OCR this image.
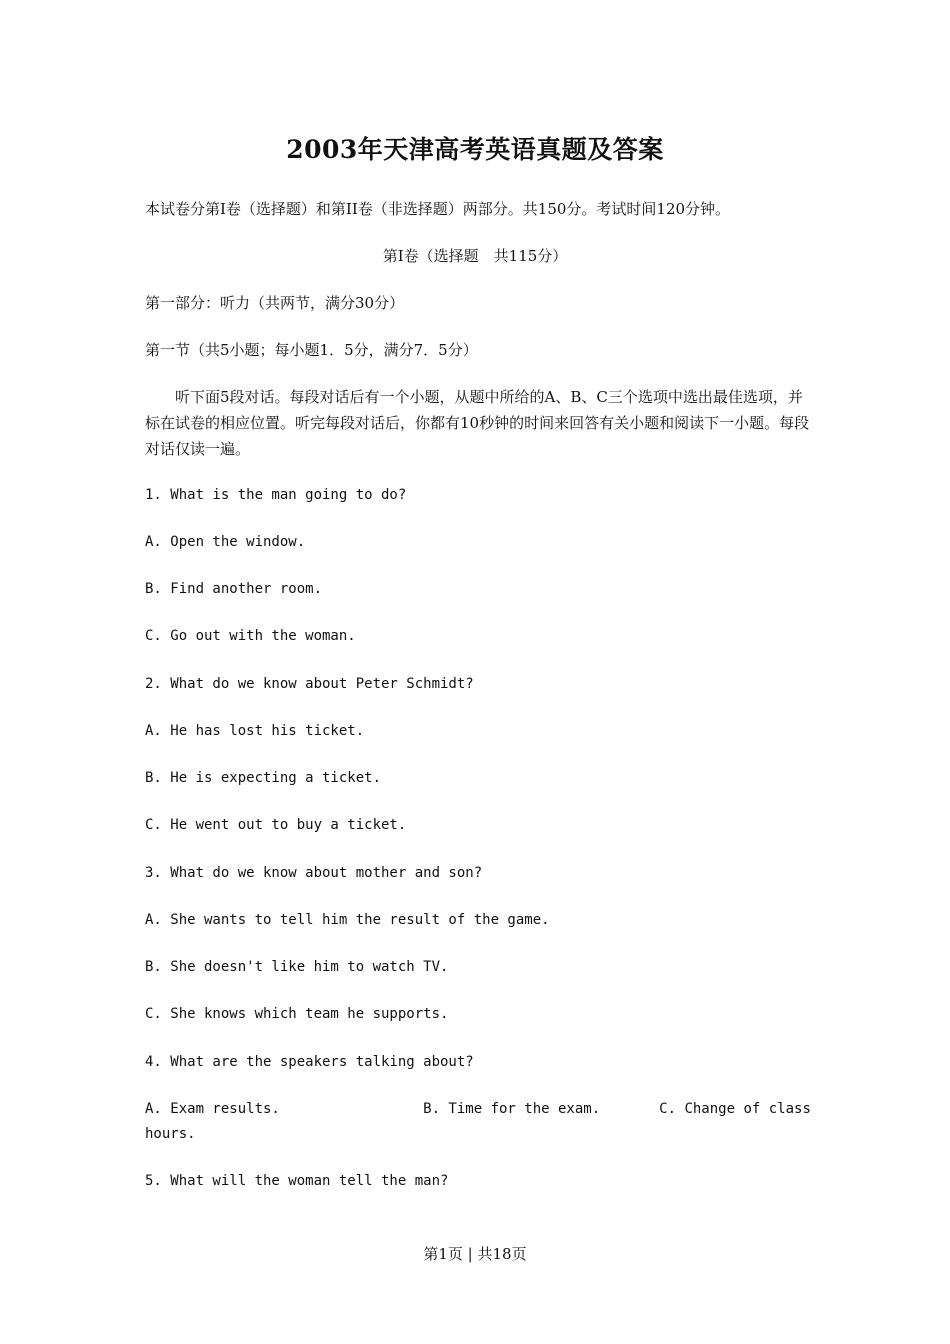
2003年天津高考英语真题及答案
本试卷分第I卷（选择题）和第II卷（非选择题）两部分。共150分。考试时间120分钟。
第I卷（选择题　共115分）
第一部分：听力（共两节，满分30分）
第一节（共5小题；每小题1．5分，满分7．5分）
听下面5段对话。每段对话后有一个小题，从题中所给的A、B、C三个选项中选出最佳选项，并标在试卷的相应位置。听完每段对话后，你都有10秒钟的时间来回答有关小题和阅读下一小题。每段对话仅读一遍。
1. What is the man going to do?
A. Open the window.
B. Find another room.
C. Go out with the woman.
2. What do we know about Peter Schmidt?
A. He has lost his ticket.
B. He is expecting a ticket.
C. He went out to buy a ticket.
3. What do we know about mother and son?
A. She wants to tell him the result of the game.
B. She doesn't like him to watch TV.
C. She knows which team he supports.
4. What are the speakers talking about?
A. Exam results.                 B. Time for the exam.       C. Change of class
hours.
5. What will the woman tell the man?
第1页 | 共18页
